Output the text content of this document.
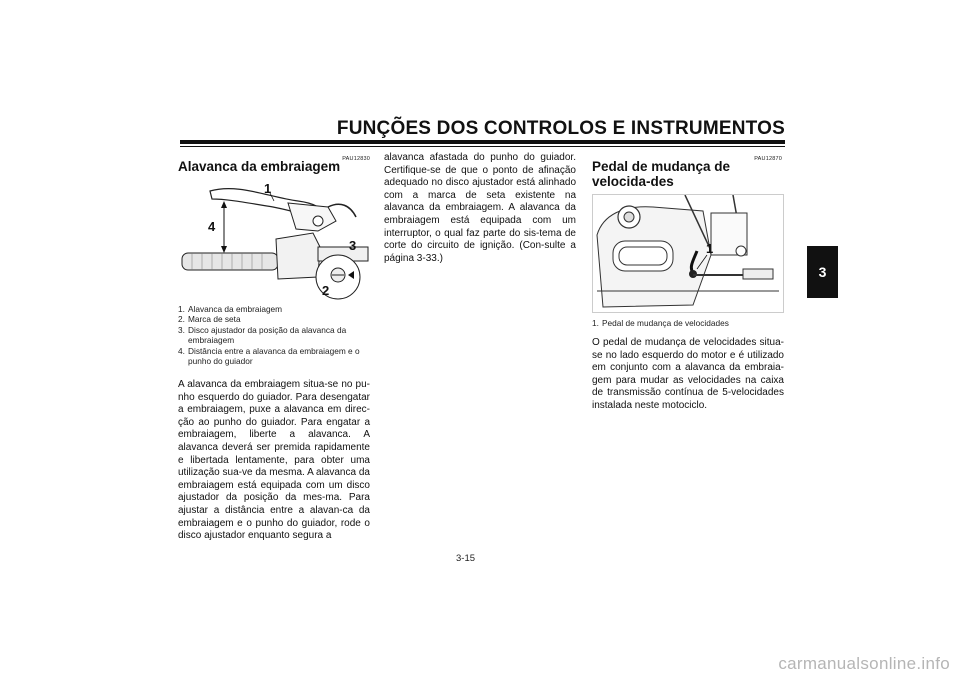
FUNÇÕES DOS CONTROLOS E INSTRUMENTOS
3
PAU12830
Alavanca da embraiagem
1
4
3
2
1. Alavanca da embraiagem
2. Marca de seta
3. Disco ajustador da posição da alavanca da embraiagem
4. Distância entre a alavanca da embraiagem e o punho do guiador

A alavanca da embraiagem situa-se no pu-nho esquerdo do guiador. Para desengatar a embraiagem, puxe a alavanca em direc-ção ao punho do guiador. Para engatar a embraiagem, liberte a alavanca. A alavanca deverá ser premida rapidamente e libertada lentamente, para obter uma utilização sua-ve da mesma. A alavanca da embraiagem está equipada com um disco ajustador da posição da mes-ma. Para ajustar a distância entre a alavan-ca da embraiagem e o punho do guiador, rode o disco ajustador enquanto segura a

alavanca afastada do punho do guiador. Certifique-se de que o ponto de afinação adequado no disco ajustador está alinhado com a marca de seta existente na alavanca da embraiagem. A alavanca da embraiagem está equipada com um interruptor, o qual faz parte do sis-tema de corte do circuito de ignição. (Con-sulte a página 3-33.)

PAU12870
Pedal de mudança de velocida-des
1
1. Pedal de mudança de velocidades

O pedal de mudança de velocidades situa-se no lado esquerdo do motor e é utilizado em conjunto com a alavanca da embraia-gem para mudar as velocidades na caixa de transmissão contínua de 5-velocidades instalada neste motociclo.

3-15
carmanualsonline.info
